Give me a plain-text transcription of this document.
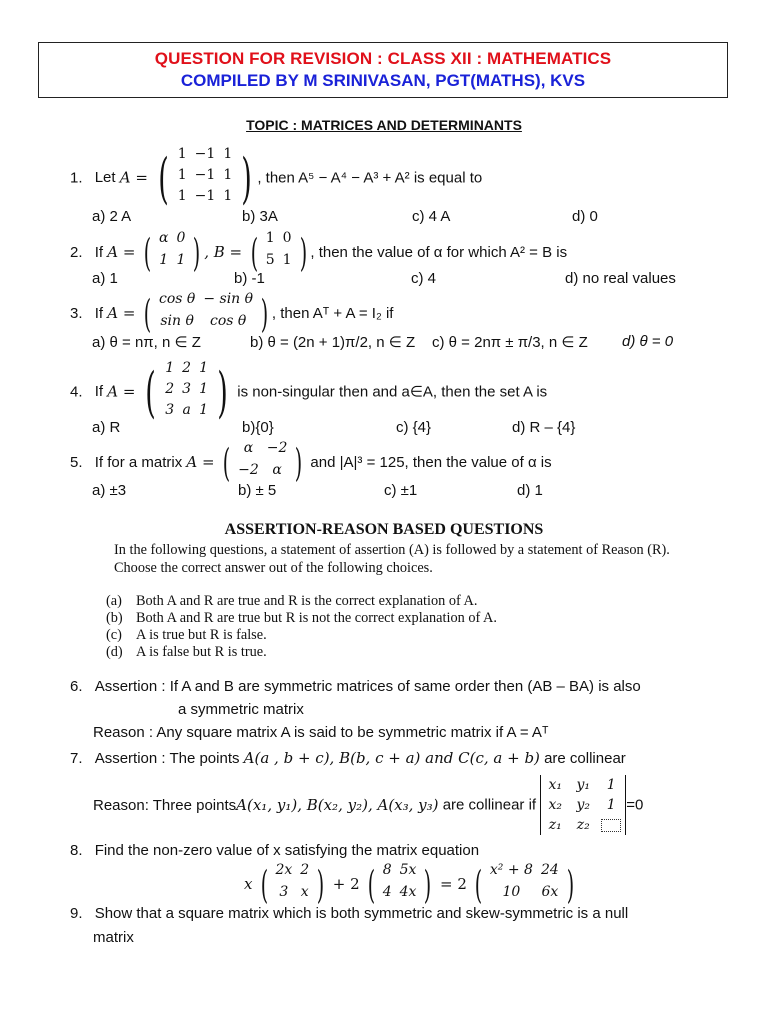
QUESTION FOR REVISION : CLASS XII : MATHEMATICS
COMPILED BY M SRINIVASAN, PGT(MATHS), KVS
TOPIC : MATRICES AND DETERMINANTS
1. Let A = ( 1 −1 1
1 −1 1
1 −1 1 ) , then A⁵ − A⁴ − A³ + A² is equal to
a) 2 A	b) 3A	c) 4 A	d) 0
2. If A = ( α 0
1 1 ) , B = ( 1 0
5 1 ) , then the value of α for which A² = B is
a) 1	b) -1	c) 4	d) no real values
3. If A = ( cos θ − sin θ
sin θ	cos θ ) , then Aᵀ + A = I₂ if
a) θ = nπ, n ∈ Z	b) θ = (2n + 1)π/2, n ∈ Z c) θ = 2nπ ± π/3, n ∈ Z d) θ = 0
4. If A = ( 1 2 1
2 3 1
3 a 1 ) is non-singular then and a∈A, then the set A is
a) R	b){0}	c) {4}	d) R – {4}
5. If for a matrix A = ( α −2
−2 α ) and |A|³ = 125, then the value of α is
a) ±3	b) ± 5	c) ±1	d) 1
ASSERTION-REASON BASED QUESTIONS
In the following questions, a statement of assertion (A) is followed by a statement of Reason (R). Choose the correct answer out of the following choices.
(a) Both A and R are true and R is the correct explanation of A.
(b) Both A and R are true but R is not the correct explanation of A.
(c) A is true but R is false.
(d) A is false but R is true.
6. Assertion : If A and B are symmetric matrices of same order then (AB – BA) is also
a symmetric matrix
Reason : Any square matrix A is said to be symmetric matrix if A = Aᵀ
7. Assertion : The points A(a , b + c), B(b, c + a) and C(c, a + b) are collinear
Reason: Three pointsA(x₁, y₁), B(x₂, y₂), A(x₃, y₃) are collinear if
x₁	y₁	1
x₂	y₂	1
z₁	z₂
=0
8. Find the non-zero value of x satisfying the matrix equation
x ( 2x 2
3 x ) + 2 ( 8 5x
4 4x ) = 2 ( x² + 8 24
10	6x )
9. Show that a square matrix which is both symmetric and skew-symmetric is a null
matrix
